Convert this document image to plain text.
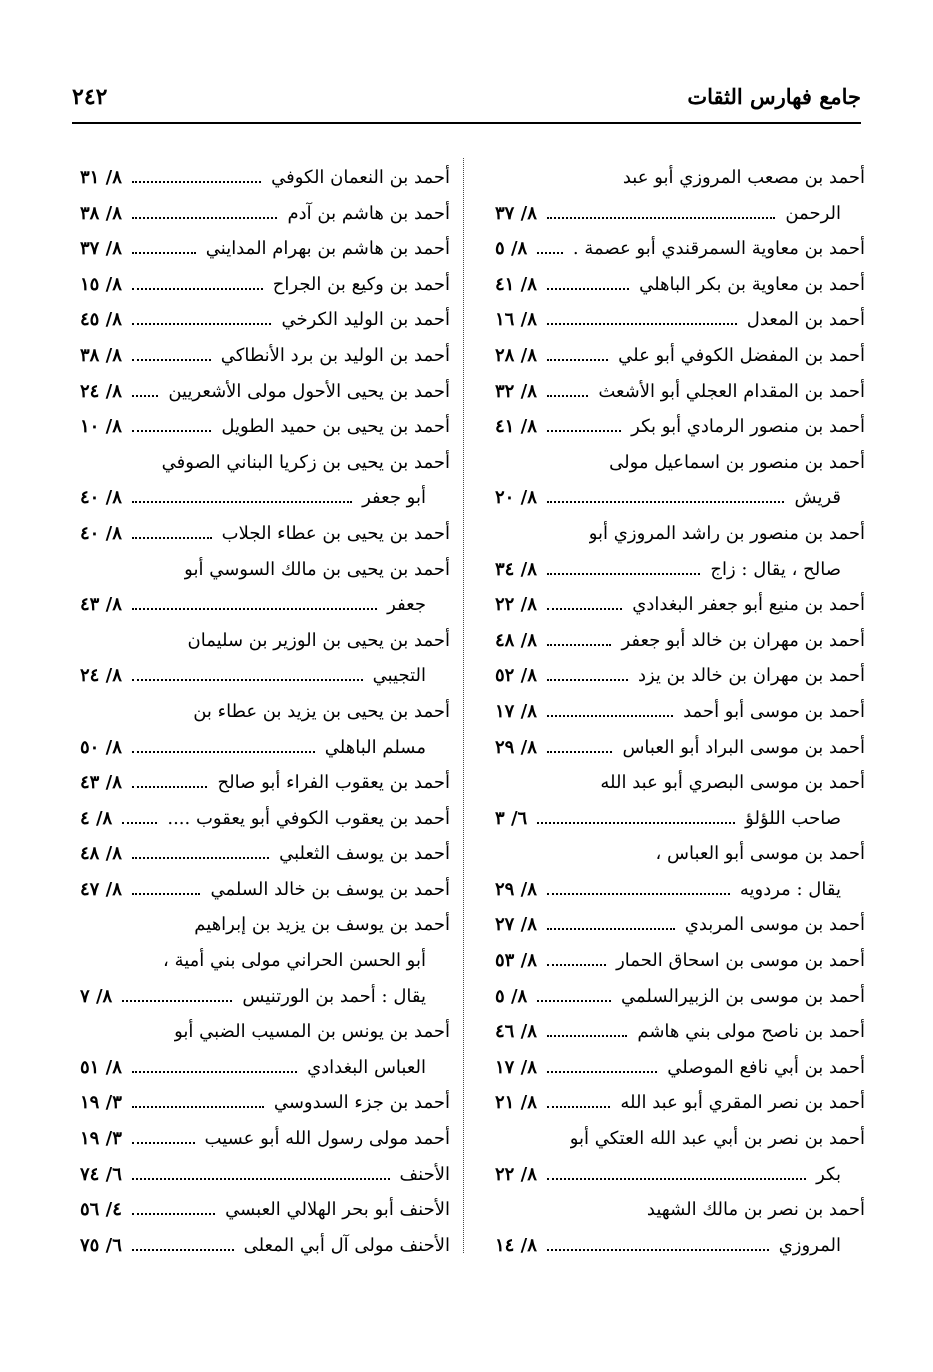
٢٤٢	جامع فهارس الثقات
أحمد بن مصعب المروزي أبو عبد
الرحمن
٨/ ٣٧
أحمد بن معاوية السمرقندي أبو عصمة .
٨/ ٥
أحمد بن معاوية بن بكر الباهلي
٨/ ٤١
أحمد بن المعدل
٨/ ١٦
أحمد بن المفضل الكوفي أبو علي
٨/ ٢٨
أحمد بن المقدام العجلي أبو الأشعث
٨/ ٣٢
أحمد بن منصور الرمادي أبو بكر
٨/ ٤١
أحمد بن منصور بن اسماعيل مولى
قريش
٨/ ٢٠
أحمد بن منصور بن راشد المروزي أبو
صالح ، يقال : زاج
٨/ ٣٤
أحمد بن منيع أبو جعفر البغدادي
٨/ ٢٢
أحمد بن مهران بن خالد أبو جعفر
٨/ ٤٨
أحمد بن مهران بن خالد بن يزد
٨/ ٥٢
أحمد بن موسى أبو أحمد
٨/ ١٧
أحمد بن موسى البراد أبو العباس
٨/ ٢٩
أحمد بن موسى البصري أبو عبد الله
صاحب اللؤلؤ
٦/ ٣
أحمد بن موسى أبو العباس ،
يقال : مردويه
٨/ ٢٩
أحمد بن موسى المربدي
٨/ ٢٧
أحمد بن موسى بن اسحاق الحمار
٨/ ٥٣
أحمد بن موسى بن الزبيرالسلمي
٨/ ٥
أحمد بن ناصح مولى بني هاشم
٨/ ٤٦
أحمد بن أبي نافع الموصلي
٨/ ١٧
أحمد بن نصر المقري أبو عبد الله
٨/ ٢١
أحمد بن نصر بن أبي عبد الله العتكي أبو
بكر
٨/ ٢٢
أحمد بن نصر بن مالك الشهيد
المروزي
٨/ ١٤
أحمد بن النعمان الكوفي
٨/ ٣١
أحمد بن هاشم بن آدم
٨/ ٣٨
أحمد بن هاشم بن بهرام المدايني
٨/ ٣٧
أحمد بن وكيع بن الجراح
٨/ ١٥
أحمد بن الوليد الكرخي
٨/ ٤٥
أحمد بن الوليد بن برد الأنطاكي
٨/ ٣٨
أحمد بن يحيى الأحول مولى الأشعريين
٨/ ٢٤
أحمد بن يحيى بن حميد الطويل
٨/ ١٠
أحمد بن يحيى بن زكريا البناني الصوفي
أبو جعفر
٨/ ٤٠
أحمد بن يحيى بن عطاء الجلاب
٨/ ٤٠
أحمد بن يحيى بن مالك السوسي أبو
جعفر
٨/ ٤٣
أحمد بن يحيى بن الوزير بن سليمان
التجيبي
٨/ ٢٤
أحمد بن يحيى بن يزيد بن عطاء بن
مسلم الباهلي
٨/ ٥٠
أحمد بن يعقوب الفراء أبو صالح
٨/ ٤٣
أحمد بن يعقوب الكوفي أبو يعقوب ....
٨/ ٤
أحمد بن يوسف الثعلبي
٨/ ٤٨
أحمد بن يوسف بن خالد السلمي
٨/ ٤٧
أحمد بن يوسف بن يزيد بن إبراهيم
أبو الحسن الحراني مولى بني أمية ،
يقال : أحمد بن الورتنيس
٨/ ٧
أحمد بن يونس بن المسيب الضبي أبو
العباس البغدادي
٨/ ٥١
أحمد بن جزء السدوسي
٣/ ١٩
أحمد مولى رسول الله أبو عسيب
٣/ ١٩
الأحنف
٦/ ٧٤
الأحنف أبو بحر الهلالي العبسي
٤/ ٥٦
الأحنف مولى آل أبي المعلى
٦/ ٧٥
